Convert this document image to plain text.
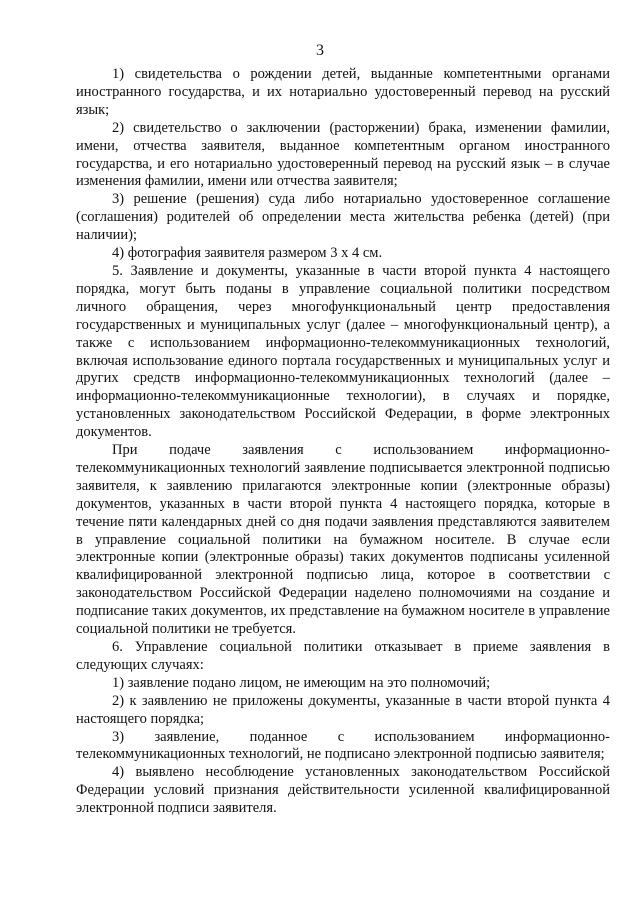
3

1) свидетельства о рождении детей, выданные компетентными органами иностранного государства, и их нотариально удостоверенный перевод на русский язык;

2) свидетельство о заключении (расторжении) брака, изменении фамилии, имени, отчества заявителя, выданное компетентным органом иностранного государства, и его нотариально удостоверенный перевод на русский язык – в случае изменения фамилии, имени или отчества заявителя;

3) решение (решения) суда либо нотариально удостоверенное соглашение (соглашения) родителей об определении места жительства ребенка (детей) (при наличии);

4) фотография заявителя размером 3 х 4 см.

5. Заявление и документы, указанные в части второй пункта 4 настоящего порядка, могут быть поданы в управление социальной политики посредством личного обращения, через многофункциональный центр предоставления государственных и муниципальных услуг (далее – многофункциональный центр), а также с использованием информационно-телекоммуникационных технологий, включая использование единого портала государственных и муниципальных услуг и других средств информационно-телекоммуникационных технологий (далее – информационно-телекоммуникационные технологии), в случаях и порядке, установленных законодательством Российской Федерации, в форме электронных документов.

При подаче заявления с использованием информационно-телекоммуникационных технологий заявление подписывается электронной подписью заявителя, к заявлению прилагаются электронные копии (электронные образы) документов, указанных в части второй пункта 4 настоящего порядка, которые в течение пяти календарных дней со дня подачи заявления представляются заявителем в управление социальной политики на бумажном носителе. В случае если электронные копии (электронные образы) таких документов подписаны усиленной квалифицированной электронной подписью лица, которое в соответствии с законодательством Российской Федерации наделено полномочиями на создание и подписание таких документов, их представление на бумажном носителе в управление социальной политики не требуется.

6. Управление социальной политики отказывает в приеме заявления в следующих случаях:

1) заявление подано лицом, не имеющим на это полномочий;

2) к заявлению не приложены документы, указанные в части второй пункта 4 настоящего порядка;

3) заявление, поданное с использованием информационно-телекоммуникационных технологий, не подписано электронной подписью заявителя;

4) выявлено несоблюдение установленных законодательством Российской Федерации условий признания действительности усиленной квалифицированной электронной подписи заявителя.
